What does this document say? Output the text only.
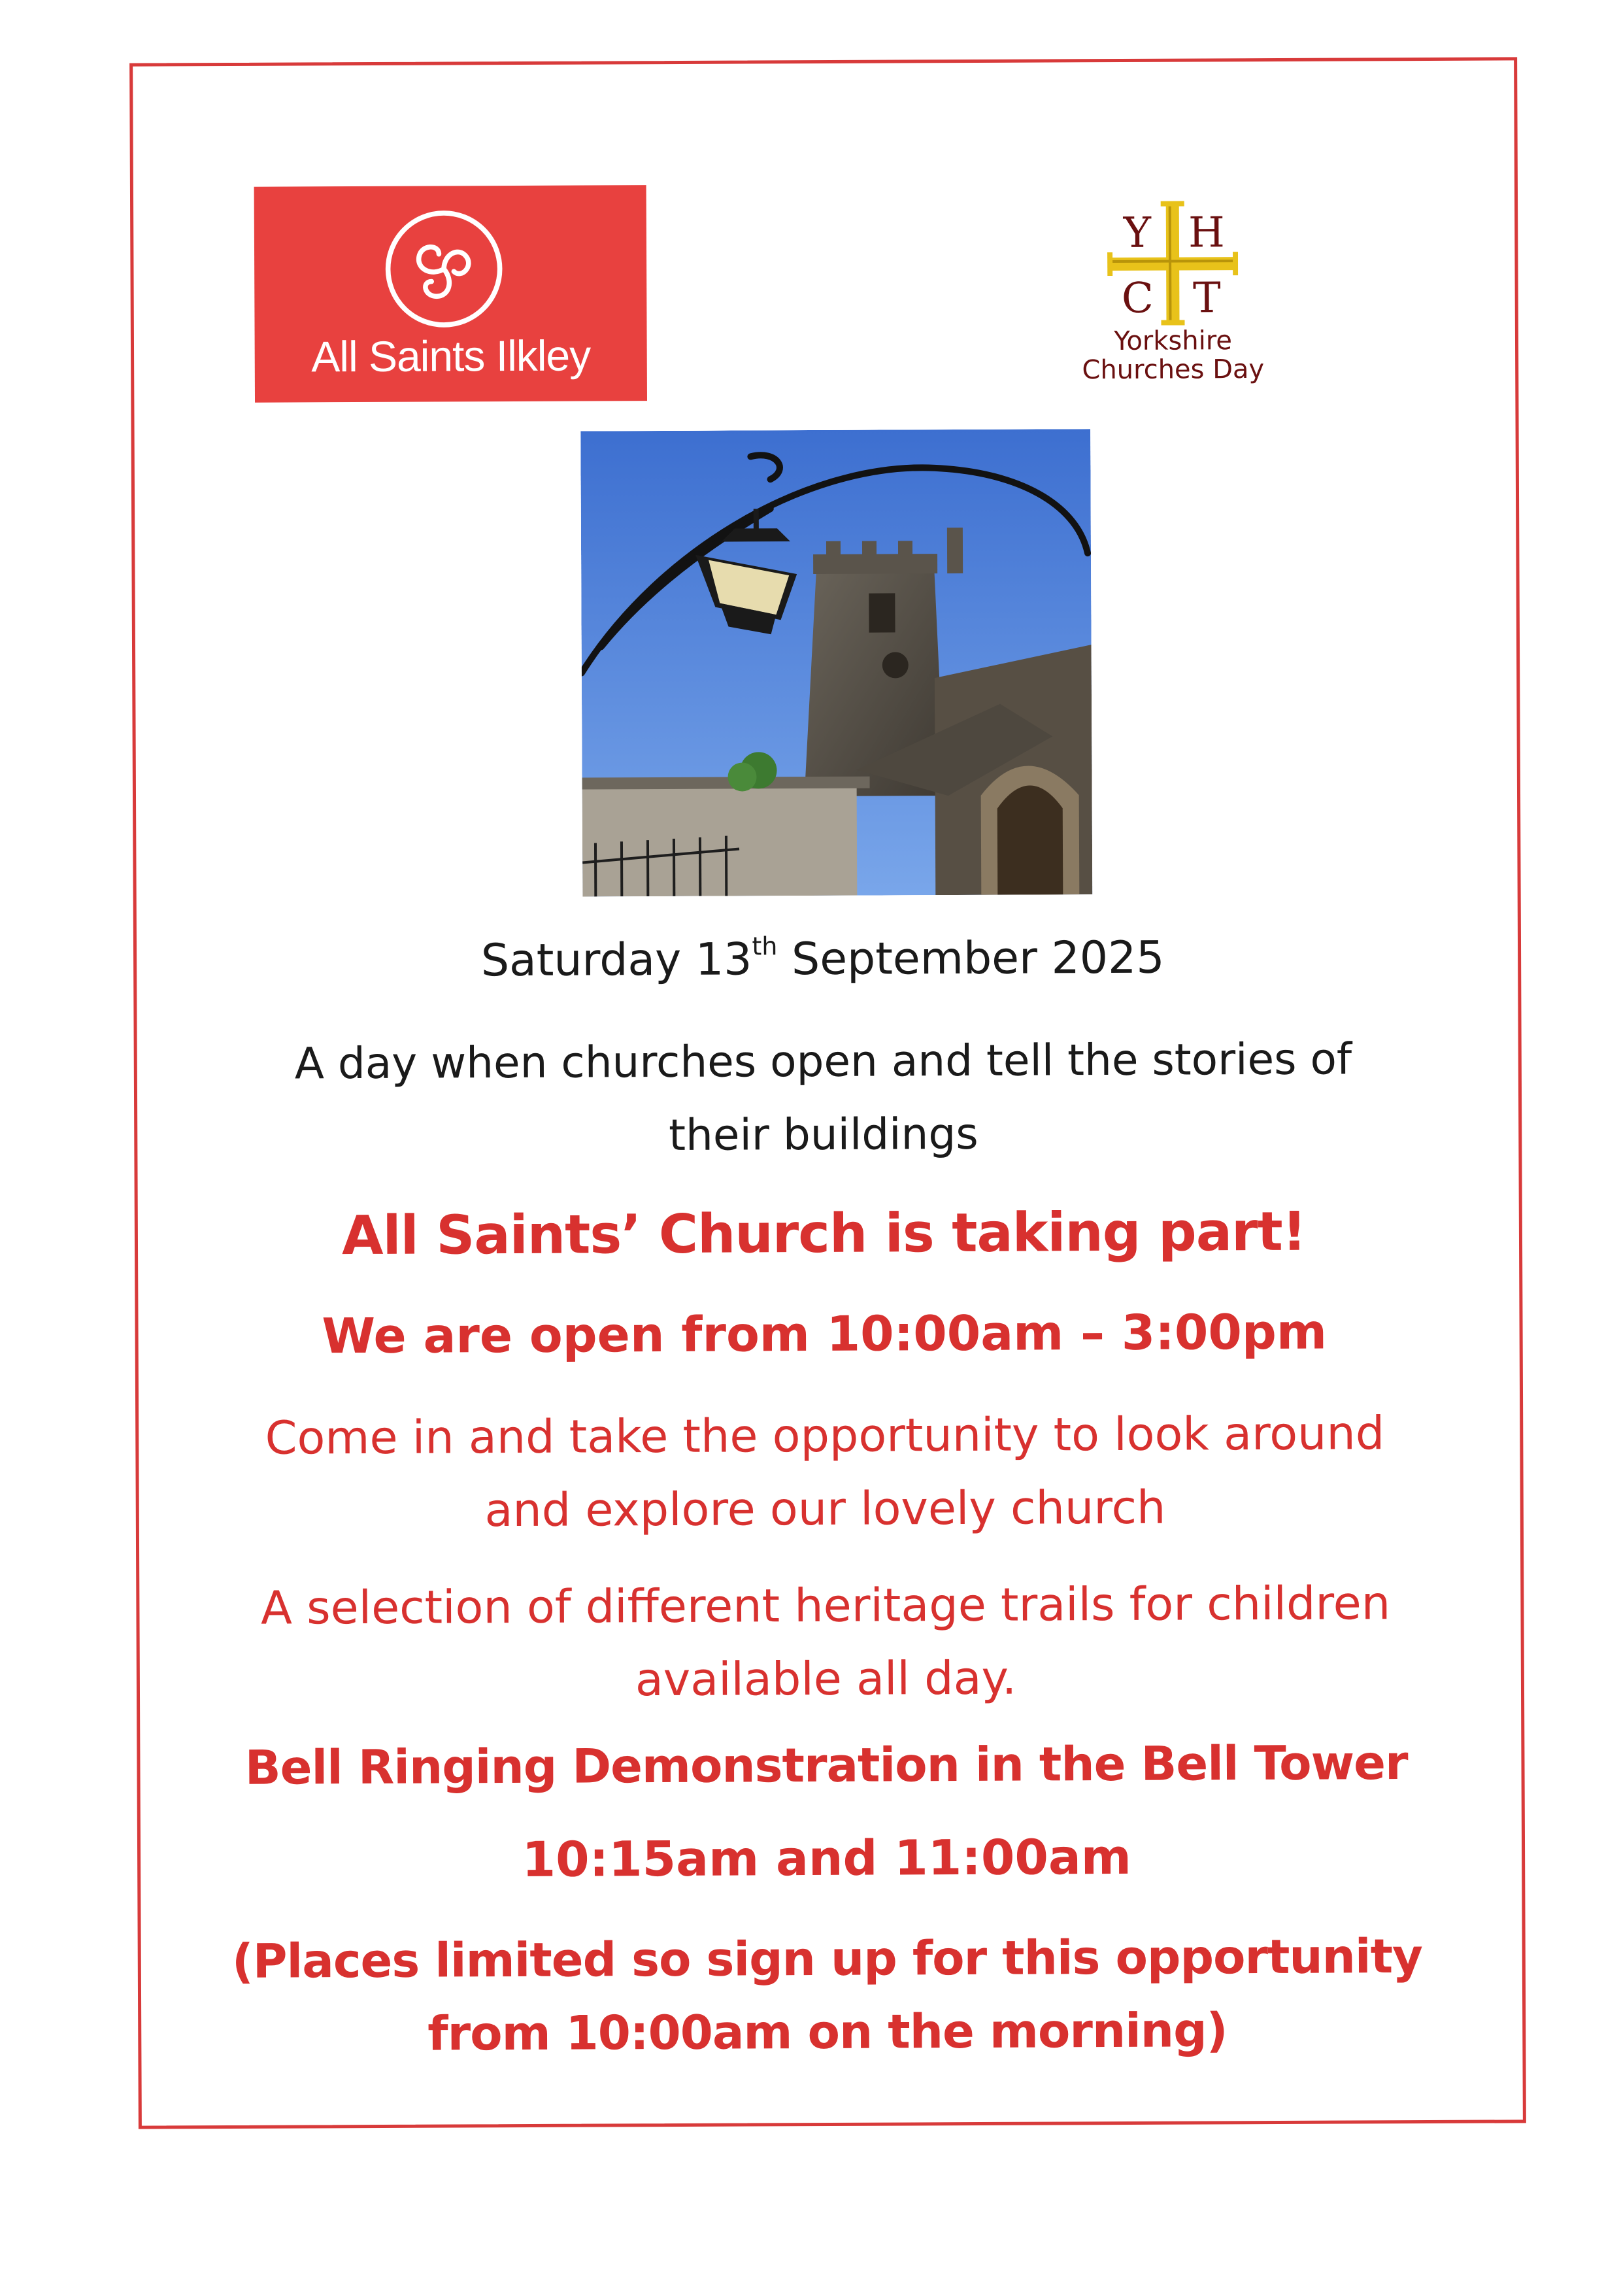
All Saints Ilkley
Y H
C T
Yorkshire
Churches Day
Saturday 13th September 2025
A day when churches open and tell the stories of
their buildings
All Saints’ Church is taking part!
We are open from 10:00am – 3:00pm
Come in and take the opportunity to look around
and explore our lovely church
A selection of different heritage trails for children
available all day.
Bell Ringing Demonstration in the Bell Tower
10:15am and 11:00am
(Places limited so sign up for this opportunity
from 10:00am on the morning)
